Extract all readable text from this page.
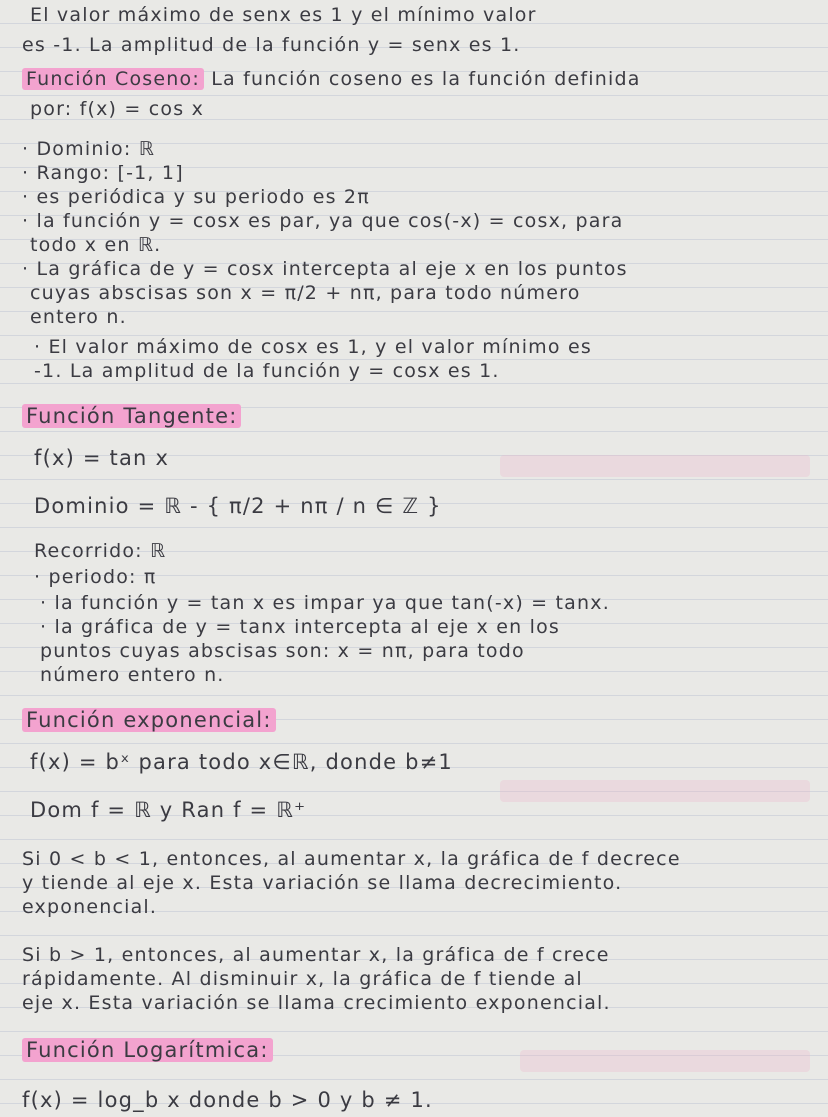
El valor máximo de senx es 1 y el mínimo valor
es -1. La amplitud de la función y = senx es 1.
Función Coseno: La función coseno es la función definida
por: f(x) = cos x
· Dominio: ℝ
· Rango: [-1, 1]
· es periódica y su periodo es 2π
· la función y = cosx es par, ya que cos(-x) = cosx, para
todo x en ℝ.
· La gráfica de y = cosx intercepta al eje x en los puntos
cuyas abscisas son x = π/2 + nπ, para todo número
entero n.
· El valor máximo de cosx es 1, y el valor mínimo es
-1. La amplitud de la función y = cosx es 1.
Función Tangente:
f(x) = tan x
Dominio = ℝ - { π/2 + nπ / n ∈ ℤ }
Recorrido: ℝ
· periodo: π
· la función y = tan x es impar ya que tan(-x) = tanx.
· la gráfica de y = tanx intercepta al eje x en los
puntos cuyas abscisas son: x = nπ, para todo
número entero n.
Función exponencial:
f(x) = bˣ para todo x∈ℝ, donde b≠1
Dom f = ℝ y Ran f = ℝ⁺
Si 0 < b < 1, entonces, al aumentar x, la gráfica de f decrece
y tiende al eje x. Esta variación se llama decrecimiento.
exponencial.
Si b > 1, entonces, al aumentar x, la gráfica de f crece
rápidamente. Al disminuir x, la gráfica de f tiende al
eje x. Esta variación se llama crecimiento exponencial.
Función Logarítmica:
f(x) = log_b x donde b > 0 y b ≠ 1.
